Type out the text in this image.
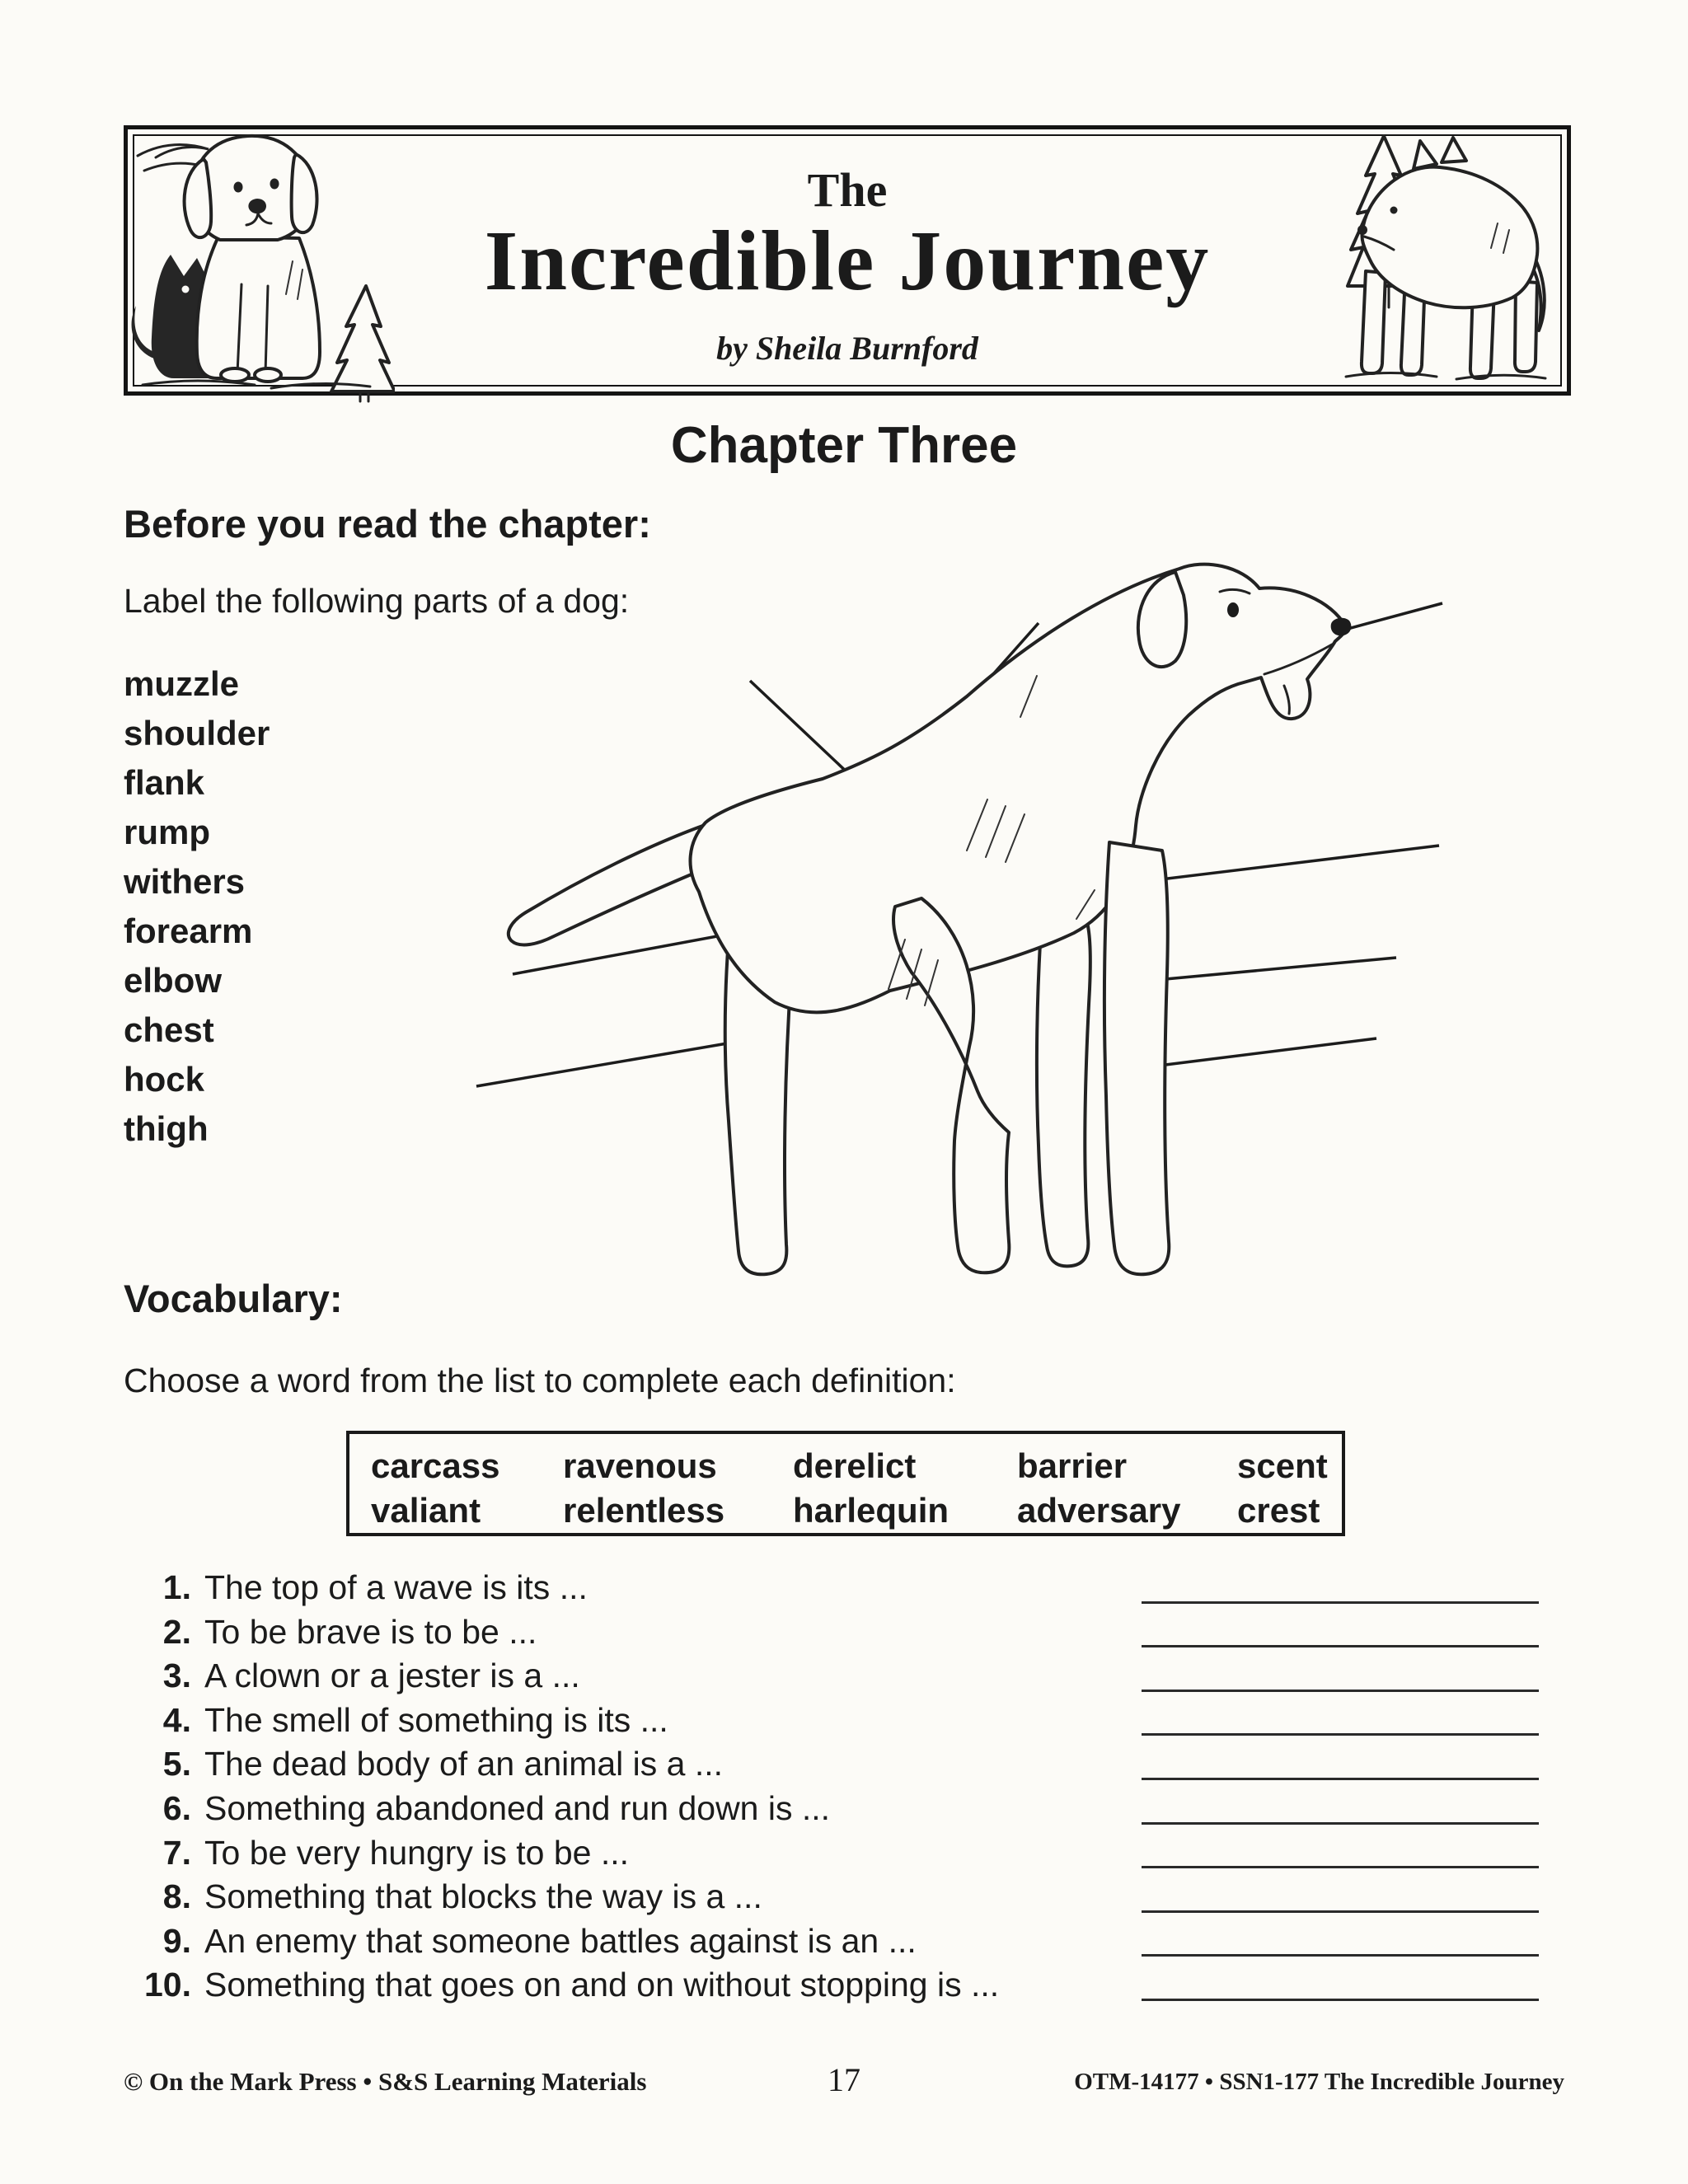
The
Incredible Journey
by Sheila Burnford
Chapter Three
Before you read the chapter:
Label the following parts of a dog:
muzzle
shoulder
flank
rump
withers
forearm
elbow
chest
hock
thigh
Vocabulary:
Choose a word from the list to complete each definition:
carcass	ravenous	derelict	barrier	scent
valiant	relentless	harlequin	adversary	crest
1. The top of a wave is its ...
2. To be brave is to be ...
3. A clown or a jester is a ...
4. The smell of something is its ...
5. The dead body of an animal is a ...
6. Something abandoned and run down is ...
7. To be very hungry is to be ...
8. Something that blocks the way is a ...
9. An enemy that someone battles against is an ...
10. Something that goes on and on without stopping is ...
© On the Mark Press • S&S Learning Materials	17	OTM-14177 • SSN1-177 The Incredible Journey
